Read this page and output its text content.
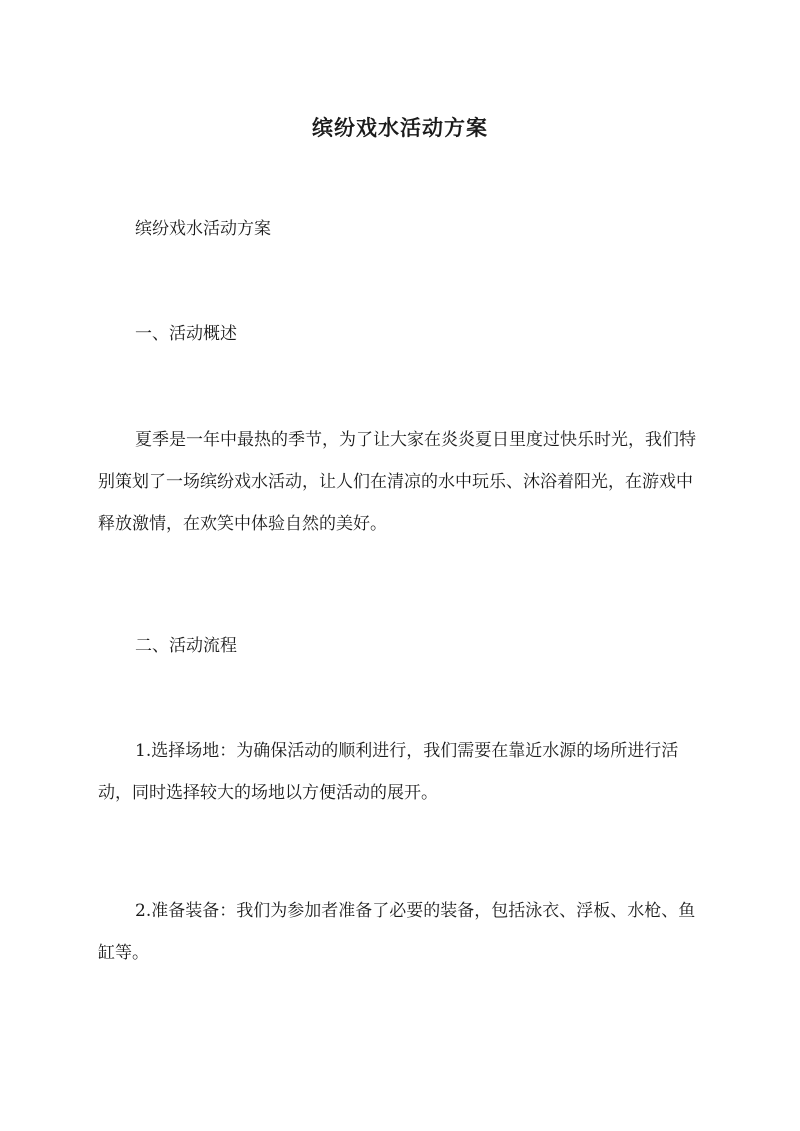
缤纷戏水活动方案

缤纷戏水活动方案

一、活动概述

夏季是一年中最热的季节，为了让大家在炎炎夏日里度过快乐时光，我们特别策划了一场缤纷戏水活动，让人们在清凉的水中玩乐、沐浴着阳光，在游戏中释放激情，在欢笑中体验自然的美好。

二、活动流程

1.选择场地：为确保活动的顺利进行，我们需要在靠近水源的场所进行活动，同时选择较大的场地以方便活动的展开。

2.准备装备：我们为参加者准备了必要的装备，包括泳衣、浮板、水枪、鱼缸等。
